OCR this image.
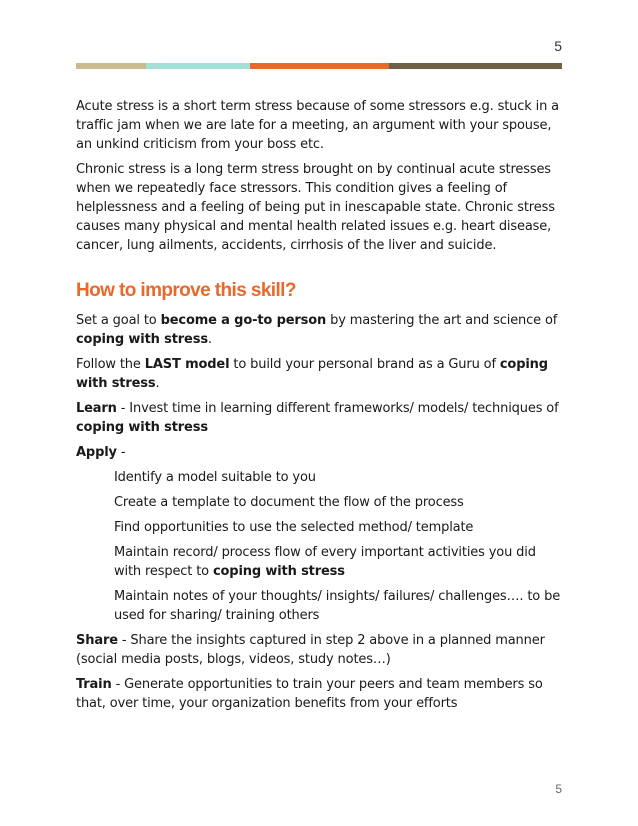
5

Acute stress is a short term stress because of some stressors e.g. stuck in a traffic jam when we are late for a meeting, an argument with your spouse, an unkind criticism from your boss etc.

Chronic stress is a long term stress brought on by continual acute stresses when we repeatedly face stressors. This condition gives a feeling of helplessness and a feeling of being put in inescapable state. Chronic stress causes many physical and mental health related issues e.g. heart disease, cancer, lung ailments, accidents, cirrhosis of the liver and suicide.

How to improve this skill?

Set a goal to become a go-to person by mastering the art and science of coping with stress.

Follow the LAST model to build your personal brand as a Guru of coping with stress.

Learn - Invest time in learning different frameworks/ models/ techniques of coping with stress

Apply -

Identify a model suitable to you

Create a template to document the flow of the process

Find opportunities to use the selected method/ template

Maintain record/ process flow of every important activities you did with respect to coping with stress

Maintain notes of your thoughts/ insights/ failures/ challenges…. to be used for sharing/ training others

Share - Share the insights captured in step 2 above in a planned manner (social media posts, blogs, videos, study notes…)

Train - Generate opportunities to train your peers and team members so that, over time, your organization benefits from your efforts

5
